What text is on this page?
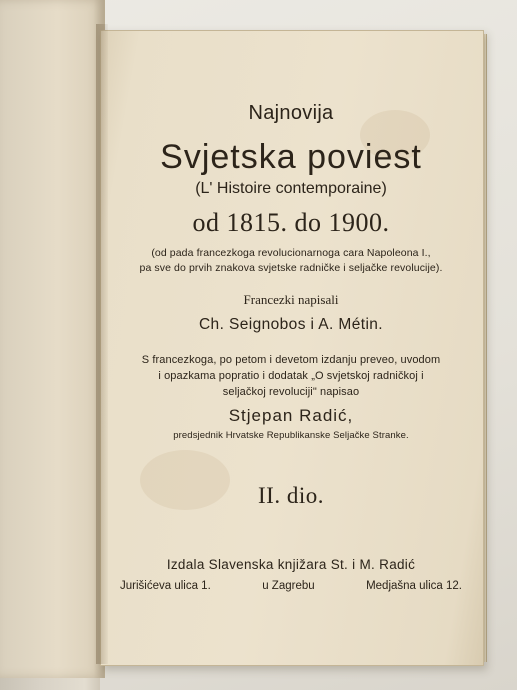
Najnovija
Svjetska poviest
(L' Histoire contemporaine)
od 1815. do 1900.
(od pada francezkoga revolucionarnoga cara Napoleona I.,
pa sve do prvih znakova svjetske radničke i seljačke revolucije).
Francezki napisali
Ch. Seignobos i A. Métin.
S francezkoga, po petom i devetom izdanju preveo, uvodom
i opazkama popratio i dodatak „O svjetskoj radničkoj i
seljačkoj revoluciji" napisao
Stjepan Radić,
predsjednik Hrvatske Republikanske Seljačke Stranke.
II. dio.
Izdala Slavenska knjižara St. i M. Radić
Jurišićeva ulica 1.	u Zagrebu	Medjašna ulica 12.
